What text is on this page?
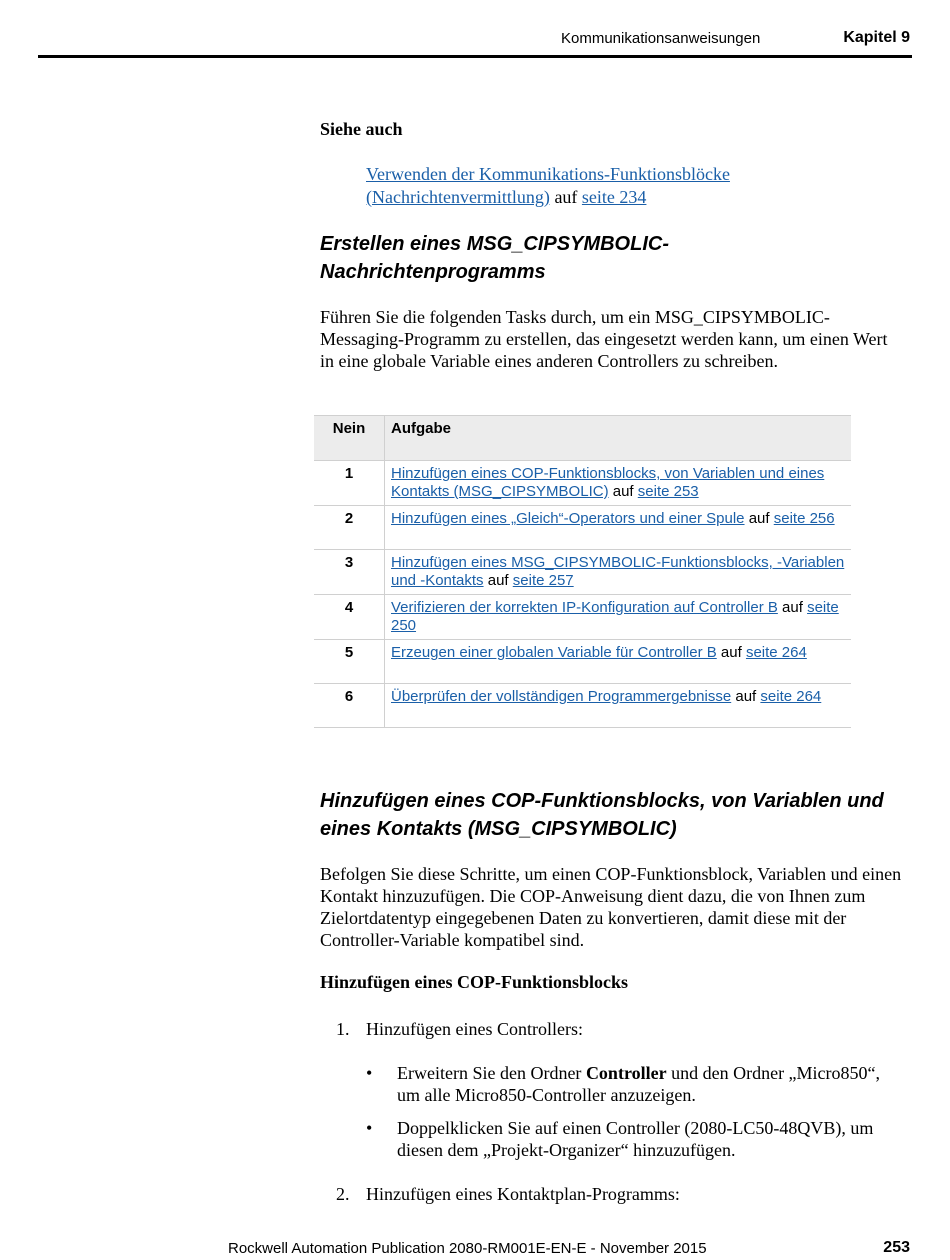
Kommunikationsanweisungen	Kapitel 9
Siehe auch
Verwenden der Kommunikations-Funktionsblöcke (Nachrichtenvermittlung) auf seite 234
Erstellen eines MSG_CIPSYMBOLIC-Nachrichtenprogramms
Führen Sie die folgenden Tasks durch, um ein MSG_CIPSYMBOLIC-Messaging-Programm zu erstellen, das eingesetzt werden kann, um einen Wert in eine globale Variable eines anderen Controllers zu schreiben.
Nein	Aufgabe
1	Hinzufügen eines COP-Funktionsblocks, von Variablen und eines Kontakts (MSG_CIPSYMBOLIC) auf seite 253
2	Hinzufügen eines „Gleich“-Operators und einer Spule auf seite 256
3	Hinzufügen eines MSG_CIPSYMBOLIC-Funktionsblocks, -Variablen und -Kontakts auf seite 257
4	Verifizieren der korrekten IP-Konfiguration auf Controller B auf seite 250
5	Erzeugen einer globalen Variable für Controller B auf seite 264
6	Überprüfen der vollständigen Programmergebnisse auf seite 264
Hinzufügen eines COP-Funktionsblocks, von Variablen und eines Kontakts (MSG_CIPSYMBOLIC)
Befolgen Sie diese Schritte, um einen COP-Funktionsblock, Variablen und einen Kontakt hinzuzufügen. Die COP-Anweisung dient dazu, die von Ihnen zum Zielortdatentyp eingegebenen Daten zu konvertieren, damit diese mit der Controller-Variable kompatibel sind.
Hinzufügen eines COP-Funktionsblocks
1. Hinzufügen eines Controllers:
• Erweitern Sie den Ordner Controller und den Ordner „Micro850“, um alle Micro850-Controller anzuzeigen.
• Doppelklicken Sie auf einen Controller (2080-LC50-48QVB), um diesen dem „Projekt-Organizer“ hinzuzufügen.
2. Hinzufügen eines Kontaktplan-Programms:
Rockwell Automation Publication 2080-RM001E-EN-E - November 2015	253
